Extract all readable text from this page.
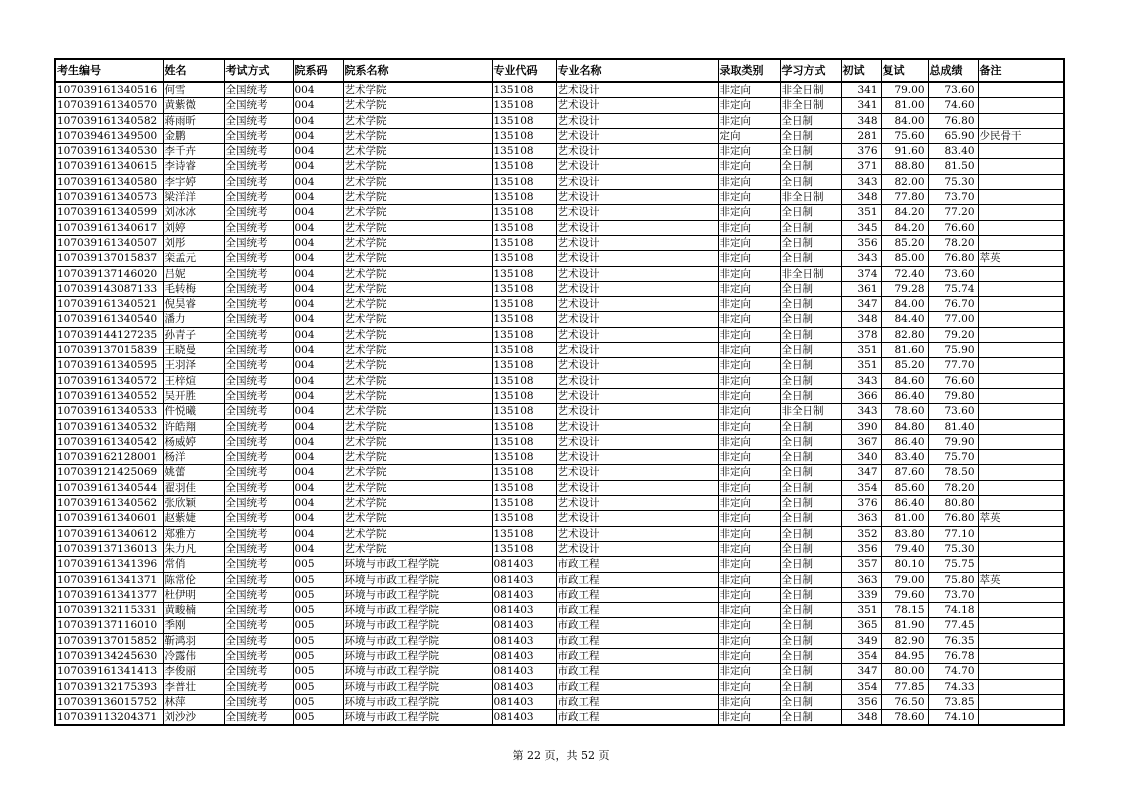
考生编号	姓名	考试方式	院系码	院系名称	专业代码	专业名称	录取类别	学习方式	初试	复试	总成绩	备注
107039161340516	何雪	全国统考	004	艺术学院	135108	艺术设计	非定向	非全日制	341	79.00	73.60	
107039161340570	黄紫微	全国统考	004	艺术学院	135108	艺术设计	非定向	非全日制	341	81.00	74.60	
107039161340582	蒋雨昕	全国统考	004	艺术学院	135108	艺术设计	非定向	全日制	348	84.00	76.80	
107039461349500	金鹏	全国统考	004	艺术学院	135108	艺术设计	定向	全日制	281	75.60	65.90	少民骨干
107039161340530	李千卉	全国统考	004	艺术学院	135108	艺术设计	非定向	全日制	376	91.60	83.40	
107039161340615	李诗睿	全国统考	004	艺术学院	135108	艺术设计	非定向	全日制	371	88.80	81.50	
107039161340580	李宇婷	全国统考	004	艺术学院	135108	艺术设计	非定向	全日制	343	82.00	75.30	
107039161340573	梁洋洋	全国统考	004	艺术学院	135108	艺术设计	非定向	非全日制	348	77.80	73.70	
107039161340599	刘冰冰	全国统考	004	艺术学院	135108	艺术设计	非定向	全日制	351	84.20	77.20	
107039161340617	刘婷	全国统考	004	艺术学院	135108	艺术设计	非定向	全日制	345	84.20	76.60	
107039161340507	刘彤	全国统考	004	艺术学院	135108	艺术设计	非定向	全日制	356	85.20	78.20	
107039137015837	栾孟元	全国统考	004	艺术学院	135108	艺术设计	非定向	全日制	343	85.00	76.80	萃英
107039137146020	吕妮	全国统考	004	艺术学院	135108	艺术设计	非定向	非全日制	374	72.40	73.60	
107039143087133	毛转梅	全国统考	004	艺术学院	135108	艺术设计	非定向	全日制	361	79.28	75.74	
107039161340521	倪昊睿	全国统考	004	艺术学院	135108	艺术设计	非定向	全日制	347	84.00	76.70	
107039161340540	潘力	全国统考	004	艺术学院	135108	艺术设计	非定向	全日制	348	84.40	77.00	
107039144127235	孙青子	全国统考	004	艺术学院	135108	艺术设计	非定向	全日制	378	82.80	79.20	
107039137015839	王晓曼	全国统考	004	艺术学院	135108	艺术设计	非定向	全日制	351	81.60	75.90	
107039161340595	王羽泽	全国统考	004	艺术学院	135108	艺术设计	非定向	全日制	351	85.20	77.70	
107039161340572	王梓煊	全国统考	004	艺术学院	135108	艺术设计	非定向	全日制	343	84.60	76.60	
107039161340552	吴开胜	全国统考	004	艺术学院	135108	艺术设计	非定向	全日制	366	86.40	79.80	
107039161340533	件悦曦	全国统考	004	艺术学院	135108	艺术设计	非定向	非全日制	343	78.60	73.60	
107039161340532	许皓翔	全国统考	004	艺术学院	135108	艺术设计	非定向	全日制	390	84.80	81.40	
107039161340542	杨威婷	全国统考	004	艺术学院	135108	艺术设计	非定向	全日制	367	86.40	79.90	
107039162128001	杨洋	全国统考	004	艺术学院	135108	艺术设计	非定向	全日制	340	83.40	75.70	
107039121425069	姚蕾	全国统考	004	艺术学院	135108	艺术设计	非定向	全日制	347	87.60	78.50	
107039161340544	翟羽佳	全国统考	004	艺术学院	135108	艺术设计	非定向	全日制	354	85.60	78.20	
107039161340562	张欣颖	全国统考	004	艺术学院	135108	艺术设计	非定向	全日制	376	86.40	80.80	
107039161340601	赵紫婕	全国统考	004	艺术学院	135108	艺术设计	非定向	全日制	363	81.00	76.80	萃英
107039161340612	郑雅方	全国统考	004	艺术学院	135108	艺术设计	非定向	全日制	352	83.80	77.10	
107039137136013	朱力凡	全国统考	004	艺术学院	135108	艺术设计	非定向	全日制	356	79.40	75.30	
107039161341396	常俏	全国统考	005	环境与市政工程学院	081403	市政工程	非定向	全日制	357	80.10	75.75	
107039161341371	陈常伦	全国统考	005	环境与市政工程学院	081403	市政工程	非定向	全日制	363	79.00	75.80	萃英
107039161341377	杜伊明	全国统考	005	环境与市政工程学院	081403	市政工程	非定向	全日制	339	79.60	73.70	
107039132115331	黄畯楠	全国统考	005	环境与市政工程学院	081403	市政工程	非定向	全日制	351	78.15	74.18	
107039137116010	季刚	全国统考	005	环境与市政工程学院	081403	市政工程	非定向	全日制	365	81.90	77.45	
107039137015852	靳鸿羽	全国统考	005	环境与市政工程学院	081403	市政工程	非定向	全日制	349	82.90	76.35	
107039134245630	冷露伟	全国统考	005	环境与市政工程学院	081403	市政工程	非定向	全日制	354	84.95	76.78	
107039161341413	李俊丽	全国统考	005	环境与市政工程学院	081403	市政工程	非定向	全日制	347	80.00	74.70	
107039132175393	李普壮	全国统考	005	环境与市政工程学院	081403	市政工程	非定向	全日制	354	77.85	74.33	
107039136015752	林萍	全国统考	005	环境与市政工程学院	081403	市政工程	非定向	全日制	356	76.50	73.85	
107039113204371	刘沙沙	全国统考	005	环境与市政工程学院	081403	市政工程	非定向	全日制	348	78.60	74.10	
第 22 页，共 52 页
